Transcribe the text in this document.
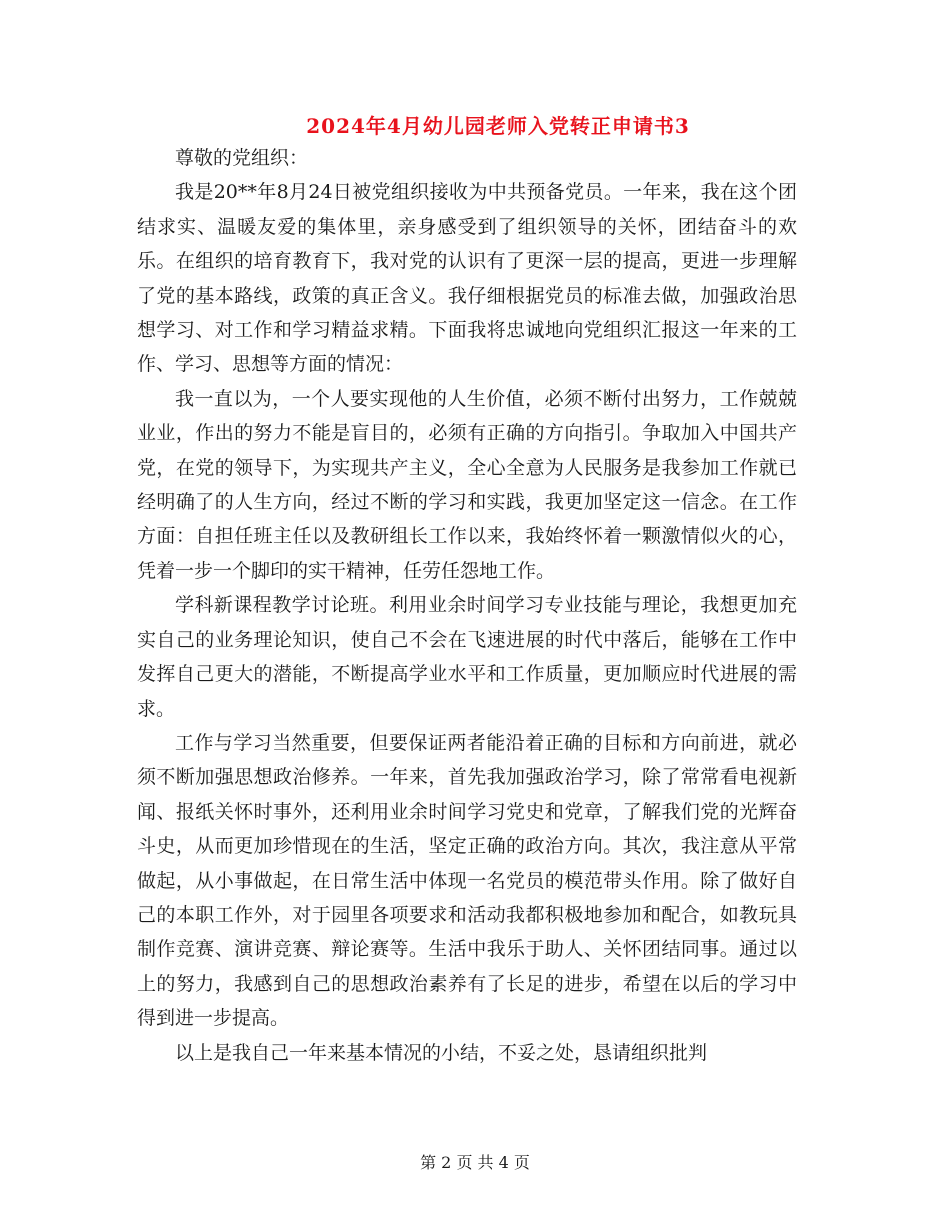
2024年4月幼儿园老师入党转正申请书3

尊敬的党组织：

我是20**年8月24日被党组织接收为中共预备党员。一年来，我在这个团结求实、温暖友爱的集体里，亲身感受到了组织领导的关怀，团结奋斗的欢乐。在组织的培育教育下，我对党的认识有了更深一层的提高，更进一步理解了党的基本路线，政策的真正含义。我仔细根据党员的标准去做，加强政治思想学习、对工作和学习精益求精。下面我将忠诚地向党组织汇报这一年来的工作、学习、思想等方面的情况：

我一直以为，一个人要实现他的人生价值，必须不断付出努力，工作兢兢业业，作出的努力不能是盲目的，必须有正确的方向指引。争取加入中国共产党，在党的领导下，为实现共产主义，全心全意为人民服务是我参加工作就已经明确了的人生方向，经过不断的学习和实践，我更加坚定这一信念。在工作方面：自担任班主任以及教研组长工作以来，我始终怀着一颗激情似火的心，凭着一步一个脚印的实干精神，任劳任怨地工作。

学科新课程教学讨论班。利用业余时间学习专业技能与理论，我想更加充实自己的业务理论知识，使自己不会在飞速进展的时代中落后，能够在工作中发挥自己更大的潜能，不断提高学业水平和工作质量，更加顺应时代进展的需求。

工作与学习当然重要，但要保证两者能沿着正确的目标和方向前进，就必须不断加强思想政治修养。一年来，首先我加强政治学习，除了常常看电视新闻、报纸关怀时事外，还利用业余时间学习党史和党章，了解我们党的光辉奋斗史，从而更加珍惜现在的生活，坚定正确的政治方向。其次，我注意从平常做起，从小事做起，在日常生活中体现一名党员的模范带头作用。除了做好自己的本职工作外，对于园里各项要求和活动我都积极地参加和配合，如教玩具制作竞赛、演讲竞赛、辩论赛等。生活中我乐于助人、关怀团结同事。通过以上的努力，我感到自己的思想政治素养有了长足的进步，希望在以后的学习中得到进一步提高。

以上是我自己一年来基本情况的小结，不妥之处，恳请组织批判

第 2 页 共 4 页
